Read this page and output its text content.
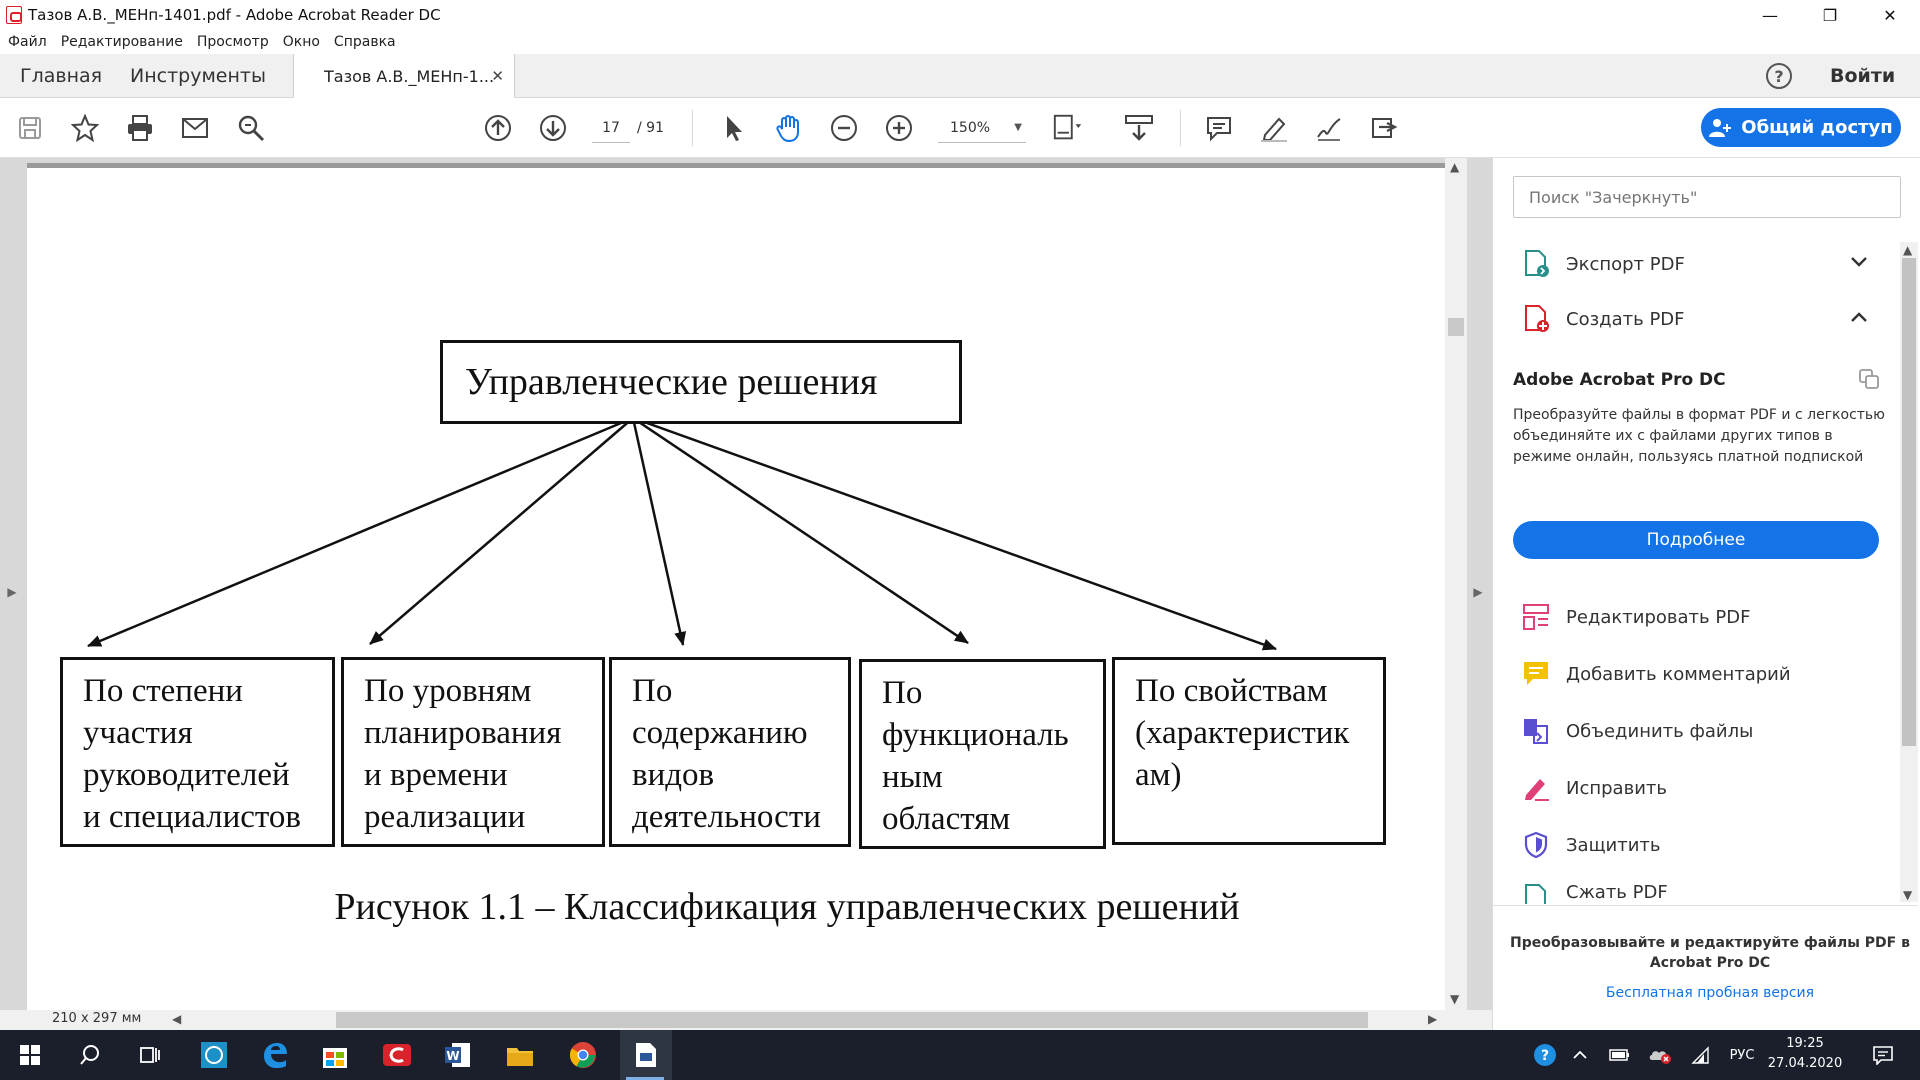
Тазов А.В._МЕНп-1401.pdf - Adobe Acrobat Reader DC	—	❐	✕
Файл Редактирование Просмотр Окно Справка
Главная Инструменты	Тазов А.В._МЕНп-1...
✕	?	Войти
17	/ 91	150% ▼	Общий доступ
▶	▶
Управленческие решения
По степени
участия
руководителей
и специалистов
По уровням
планирования
и времени
реализации
По
содержанию
видов
деятельности
По
функциональ
ным
областям
По свойствам
(характеристик
ам)
Рисунок 1.1 – Классификация управленческих решений
▲
▼
210 x 297 мм	◀	▶
Поиск "Зачеркнуть"
▲
▼
Экспорт PDF
Создать PDF
Adobe Acrobat Pro DC
Преобразуйте файлы в формат PDF и с легкостью объединяйте их с файлами других типов в режиме онлайн, пользуясь платной подпиской
Подробнее
Редактировать PDF
Добавить комментарий
Объединить файлы
Исправить
Защитить
Сжать PDF
Преобразовывайте и редактируйте файлы PDF в Acrobat Pro DC
Бесплатная пробная версия
W	?	РУС
19:25
27.04.2020
